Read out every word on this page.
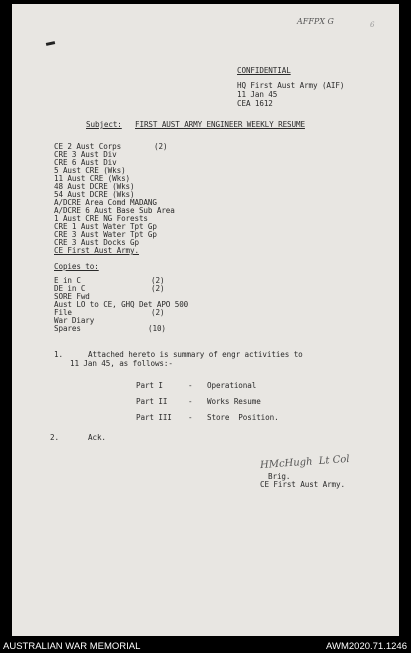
AFFPX G	6
CONFIDENTIAL
HQ First Aust Army (AIF)
11 Jan 45
CEA 1612
Subject: FIRST AUST ARMY ENGINEER WEEKLY RESUME
CE 2 Aust Corps	(2)
CRE 3 Aust Div
CRE 6 Aust Div
5 Aust CRE (Wks)
11 Aust CRE (Wks)
48 Aust DCRE (Wks)
54 Aust DCRE (Wks)
A/DCRE Area Comd MADANG
A/DCRE 6 Aust Base Sub Area
1 Aust CRE NG Forests
CRE 1 Aust Water Tpt Gp
CRE 3 Aust Water Tpt Gp
CRE 3 Aust Docks Gp
CE First Aust Army.
Copies to:
E in C	(2)
DE in C	(2)
SORE Fwd
Aust LO to CE, GHQ Det APO 500
File	(2)
War Diary
Spares	(10)
1.	Attached hereto is summary of engr activities to
11 Jan 45, as follows:-
Part I	- Operational
Part II	- Works Resume
Part III - Store  Position.
2.	Ack.
HMcHugh  Lt Col
Brig.
CE First Aust Army.
AUSTRALIAN WAR MEMORIAL	AWM2020.71.1246
